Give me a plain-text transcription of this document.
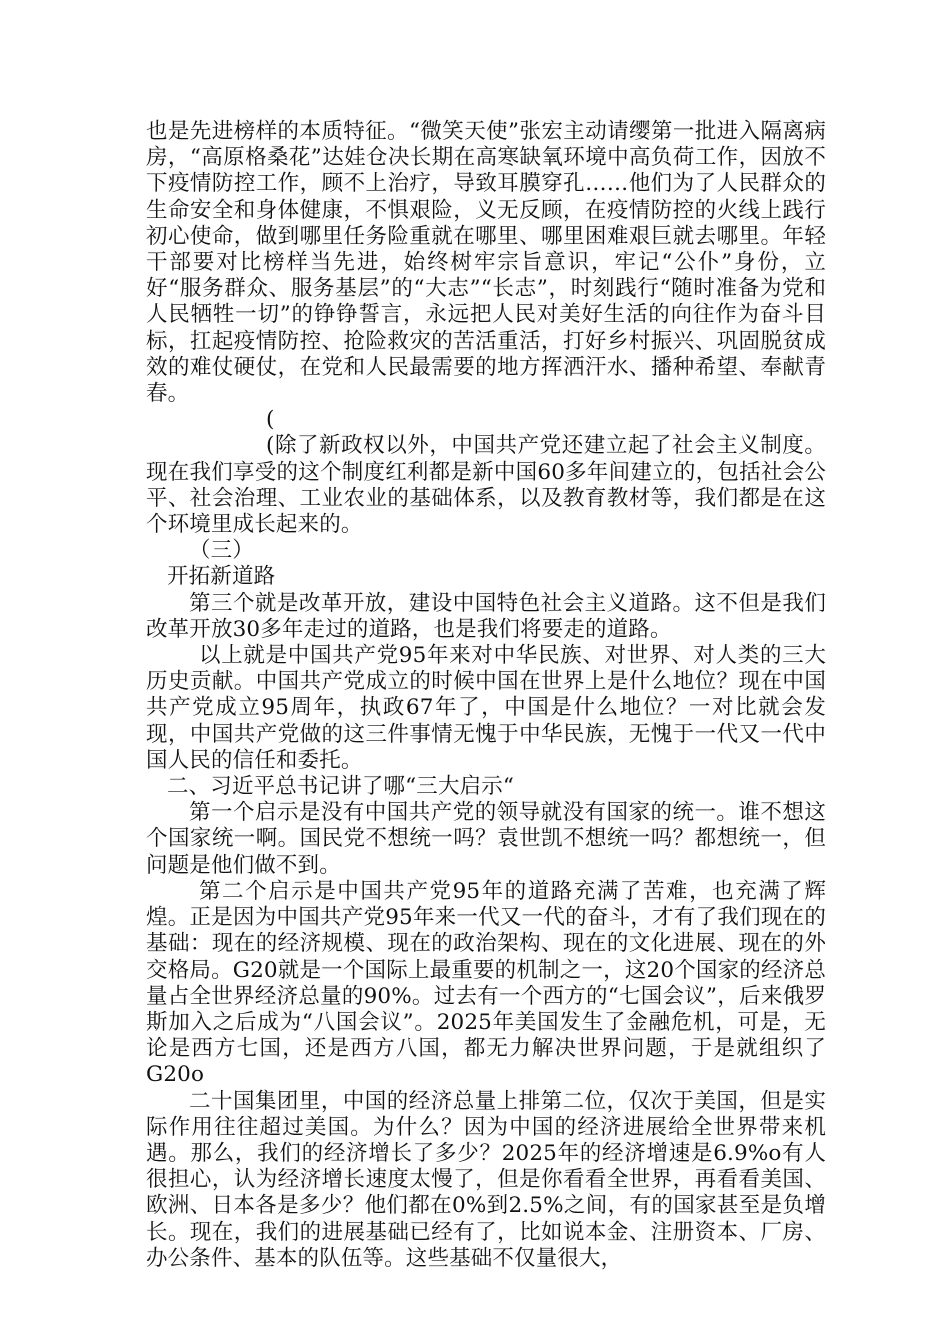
也是先进榜样的本质特征。“微笑天使”张宏主动请缨第一批进入隔离病房，“高原格桑花”达娃仓决长期在高寒缺氧环境中高负荷工作，因放不下疫情防控工作，顾不上治疗，导致耳膜穿孔……他们为了人民群众的生命安全和身体健康，不惧艰险，义无反顾，在疫情防控的火线上践行初心使命，做到哪里任务险重就在哪里、哪里困难艰巨就去哪里。年轻干部要对比榜样当先进，始终树牢宗旨意识，牢记“公仆”身份，立好“服务群众、服务基层”的“大志”“长志”，时刻践行“随时准备为党和人民牺牲一切”的铮铮誓言，永远把人民对美好生活的向往作为奋斗目标，扛起疫情防控、抢险救灾的苦活重活，打好乡村振兴、巩固脱贫成效的难仗硬仗，在党和人民最需要的地方挥洒汗水、播种希望、奉献青春。

(

(除了新政权以外，中国共产党还建立起了社会主义制度。现在我们享受的这个制度红利都是新中国60多年间建立的，包括社会公平、社会治理、工业农业的基础体系，以及教育教材等，我们都是在这个环境里成长起来的。

（三）

开拓新道路

第三个就是改革开放，建设中国特色社会主义道路。这不但是我们改革开放30多年走过的道路，也是我们将要走的道路。

以上就是中国共产党95年来对中华民族、对世界、对人类的三大历史贡献。中国共产党成立的时候中国在世界上是什么地位？现在中国共产党成立95周年，执政67年了，中国是什么地位？一对比就会发现，中国共产党做的这三件事情无愧于中华民族，无愧于一代又一代中国人民的信任和委托。

二、习近平总书记讲了哪“三大启示“

第一个启示是没有中国共产党的领导就没有国家的统一。谁不想这个国家统一啊。国民党不想统一吗？袁世凯不想统一吗？都想统一，但问题是他们做不到。

第二个启示是中国共产党95年的道路充满了苦难，也充满了辉煌。正是因为中国共产党95年来一代又一代的奋斗，才有了我们现在的基础：现在的经济规模、现在的政治架构、现在的文化进展、现在的外交格局。G20就是一个国际上最重要的机制之一，这20个国家的经济总量占全世界经济总量的90%。过去有一个西方的“七国会议”，后来俄罗斯加入之后成为“八国会议”。2025年美国发生了金融危机，可是，无论是西方七国，还是西方八国，都无力解决世界问题，于是就组织了G20o

二十国集团里，中国的经济总量上排第二位，仅次于美国，但是实际作用往往超过美国。为什么？因为中国的经济进展给全世界带来机遇。那么，我们的经济增长了多少？2025年的经济增速是6.9%o有人很担心，认为经济增长速度太慢了，但是你看看全世界，再看看美国、欧洲、日本各是多少？他们都在0%到2.5%之间，有的国家甚至是负增长。现在，我们的进展基础已经有了，比如说本金、注册资本、厂房、办公条件、基本的队伍等。这些基础不仅量很大，
